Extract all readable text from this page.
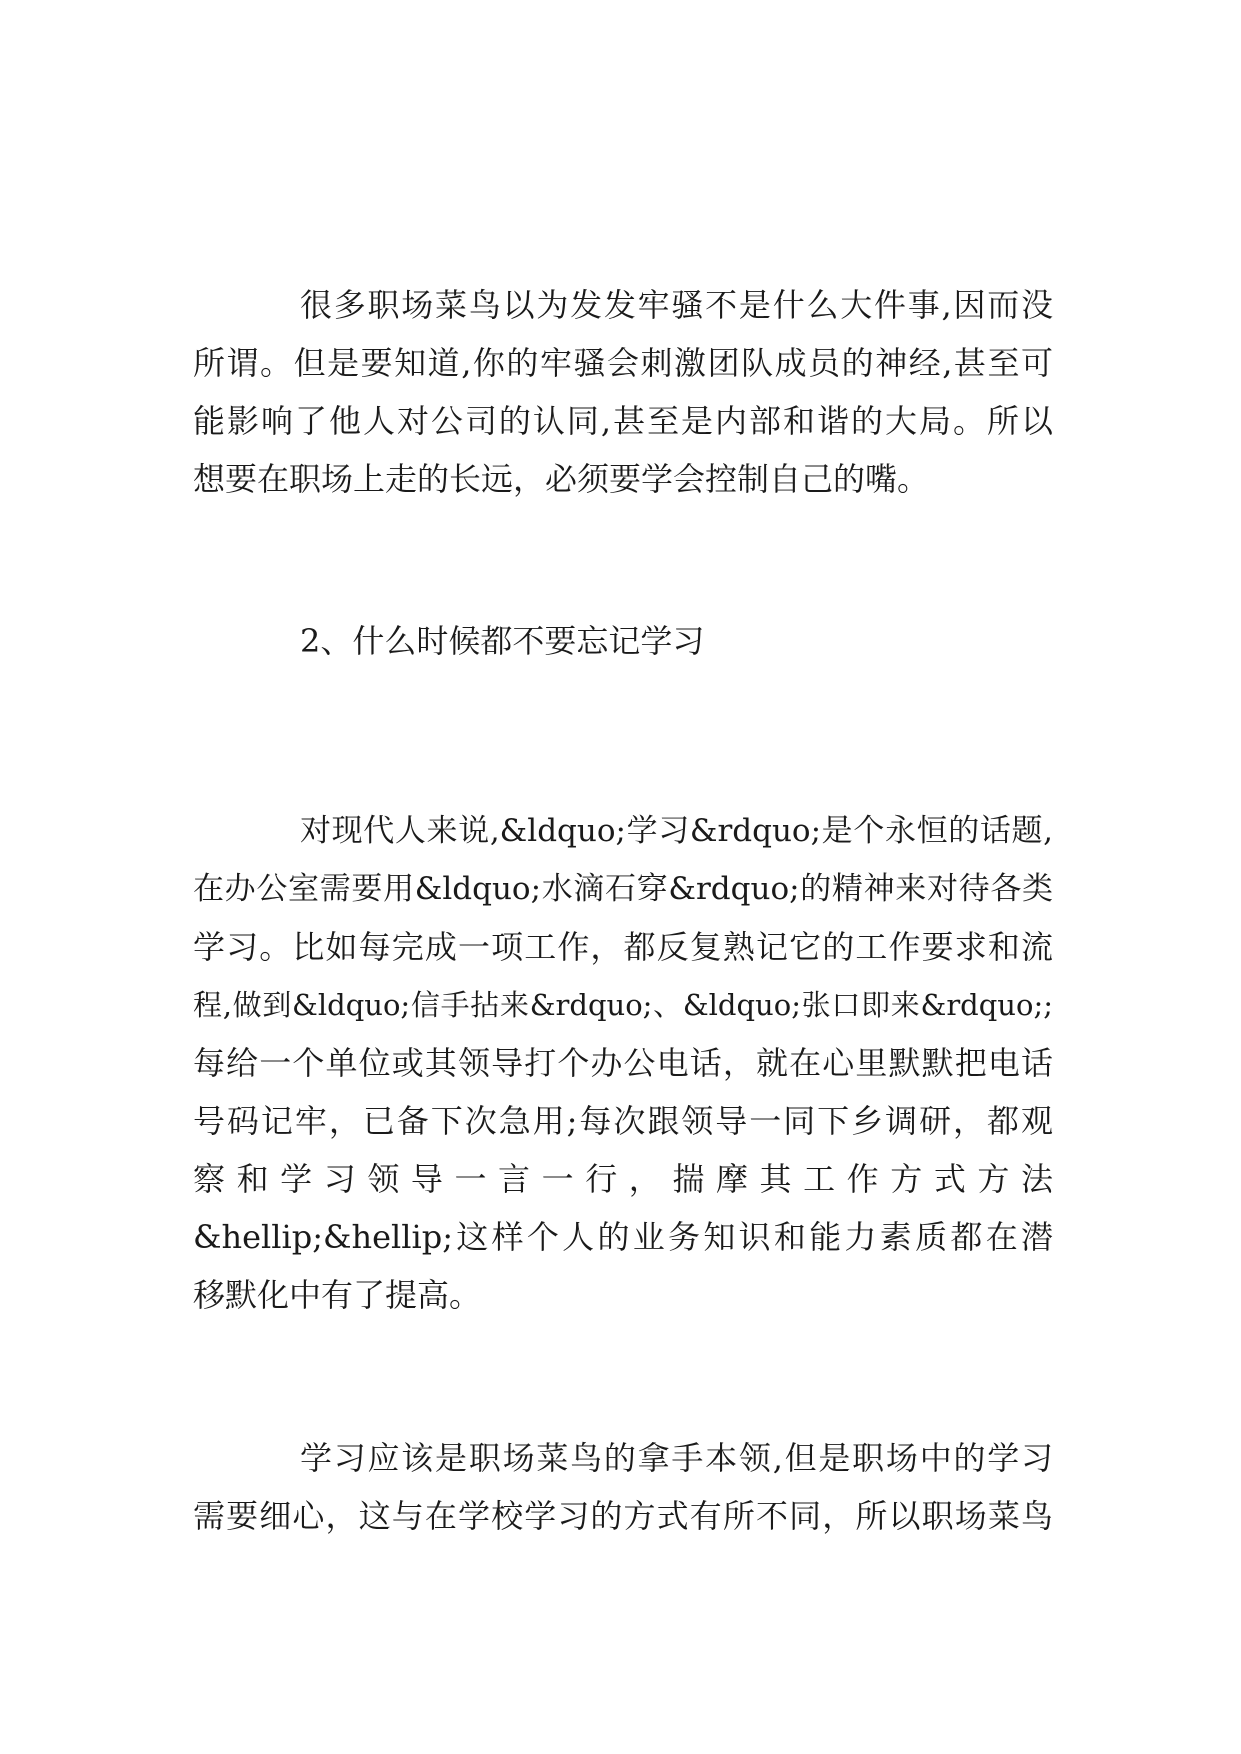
很多职场菜鸟以为发发牢骚不是什么大件事,因而没
所谓。但是要知道,你的牢骚会刺激团队成员的神经,甚至可
能影响了他人对公司的认同,甚至是内部和谐的大局。所以
想要在职场上走的长远，必须要学会控制自己的嘴。
2、什么时候都不要忘记学习
对现代人来说,&ldquo;学习&rdquo;是个永恒的话题,
在办公室需要用&ldquo;水滴石穿&rdquo;的精神来对待各类
学习。比如每完成一项工作，都反复熟记它的工作要求和流
程,做到&ldquo;信手拈来&rdquo;、&ldquo;张口即来&rdquo;;
每给一个单位或其领导打个办公电话，就在心里默默把电话
号码记牢，已备下次急用;每次跟领导一同下乡调研，都观
察和学习领导一言一行，揣摩其工作方式方法
&hellip;&hellip;这样个人的业务知识和能力素质都在潜
移默化中有了提高。
学习应该是职场菜鸟的拿手本领,但是职场中的学习
需要细心，这与在学校学习的方式有所不同，所以职场菜鸟
